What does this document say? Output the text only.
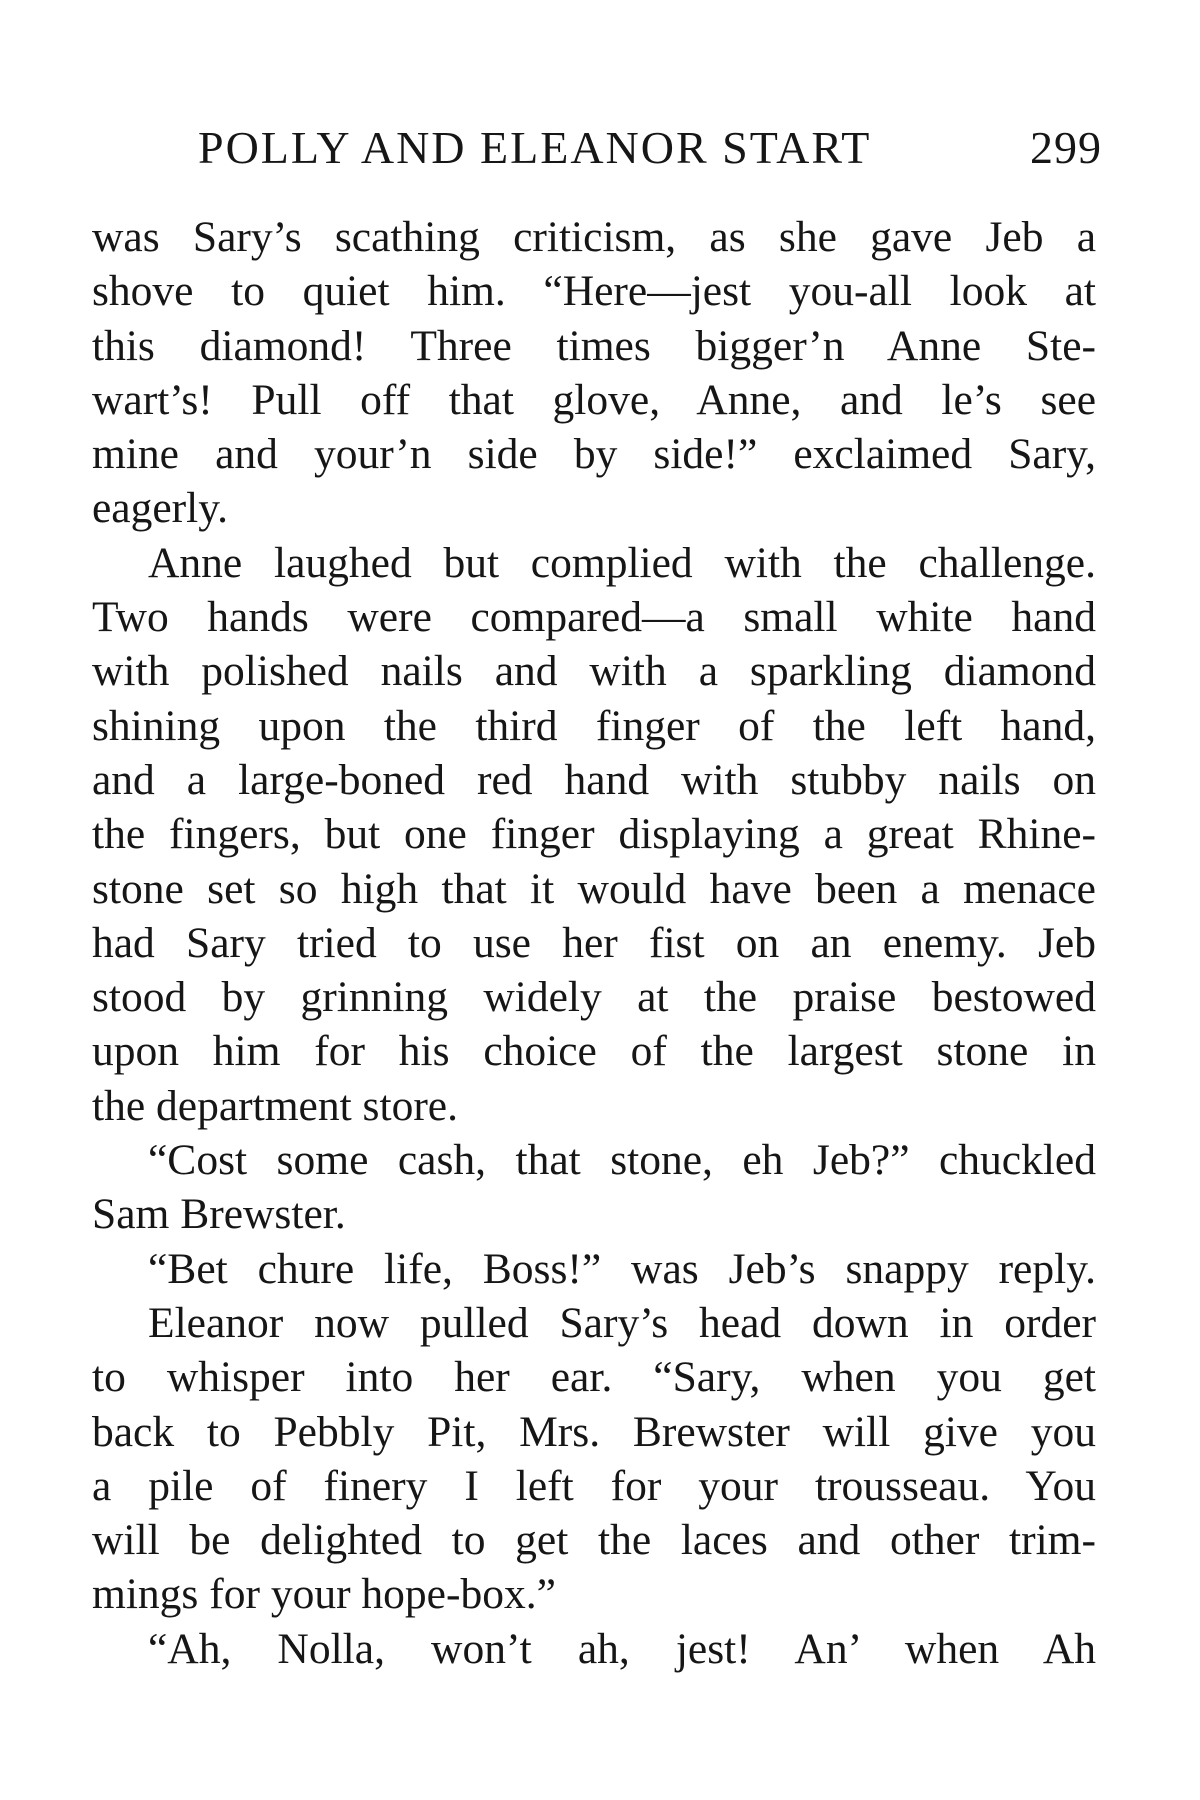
POLLY AND ELEANOR START	299
was Sary’s scathing criticism, as she gave Jeb a
shove to quiet him. “Here—jest you-all look at
this diamond! Three times bigger’n Anne Ste-
wart’s! Pull off that glove, Anne, and le’s see
mine and your’n side by side!” exclaimed Sary,
eagerly.
Anne laughed but complied with the challenge.
Two hands were compared—a small white hand
with polished nails and with a sparkling diamond
shining upon the third finger of the left hand,
and a large-boned red hand with stubby nails on
the fingers, but one finger displaying a great Rhine-
stone set so high that it would have been a menace
had Sary tried to use her fist on an enemy. Jeb
stood by grinning widely at the praise bestowed
upon him for his choice of the largest stone in
the department store.
“Cost some cash, that stone, eh Jeb?” chuckled
Sam Brewster.
“Bet chure life, Boss!” was Jeb’s snappy reply.
Eleanor now pulled Sary’s head down in order
to whisper into her ear. “Sary, when you get
back to Pebbly Pit, Mrs. Brewster will give you
a pile of finery I left for your trousseau. You
will be delighted to get the laces and other trim-
mings for your hope-box.”
“Ah, Nolla, won’t ah, jest! An’ when Ah
